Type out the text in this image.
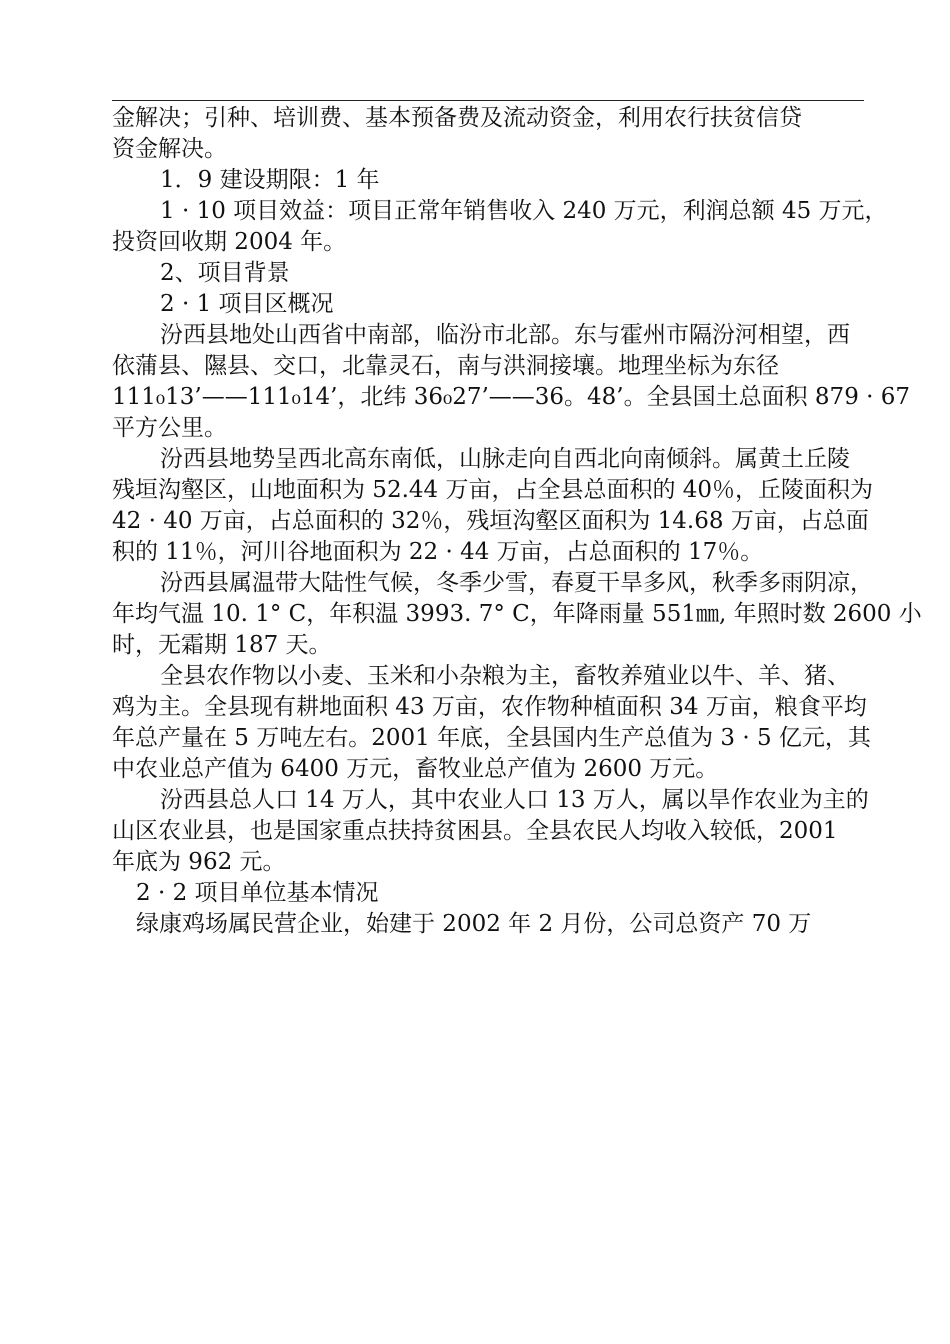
金解决；引种、培训费、基本预备费及流动资金，利用农行扶贫信贷
资金解决。

1．9 建设期限：1 年

1 · 10 项目效益：项目正常年销售收入 240 万元，利润总额 45 万元，
投资回收期 2004 年。

2、项目背景

2 · 1 项目区概况

汾西县地处山西省中南部，临汾市北部。东与霍州市隔汾河相望，西
依蒲县、隰县、交口，北靠灵石，南与洪洞接壤。地理坐标为东径
111₀13’——111₀14’，北纬 36₀27’——36。48’。全县国土总面积 879 · 67
平方公里。

汾西县地势呈西北高东南低，山脉走向自西北向南倾斜。属黄土丘陵
残垣沟壑区，山地面积为 52.44 万亩，占全县总面积的 40％，丘陵面积为
42 · 40 万亩，占总面积的 32％，残垣沟壑区面积为 14.68 万亩，占总面
积的 11％，河川谷地面积为 22 · 44 万亩，占总面积的 17％。

汾西县属温带大陆性气候，冬季少雪，春夏干旱多风，秋季多雨阴凉，
年均气温 10. 1° C，年积温 3993. 7° C，年降雨量 551㎜, 年照时数 2600 小
时，无霜期 187 天。

全县农作物以小麦、玉米和小杂粮为主，畜牧养殖业以牛、羊、猪、
鸡为主。全县现有耕地面积 43 万亩，农作物种植面积 34 万亩，粮食平均
年总产量在 5 万吨左右。2001 年底，全县国内生产总值为 3 · 5 亿元，其
中农业总产值为 6400 万元，畜牧业总产值为 2600 万元。

汾西县总人口 14 万人，其中农业人口 13 万人，属以旱作农业为主的
山区农业县，也是国家重点扶持贫困县。全县农民人均收入较低，2001
年底为 962 元。

2 · 2 项目单位基本情况

绿康鸡场属民营企业，始建于 2002 年 2 月份，公司总资产 70 万
